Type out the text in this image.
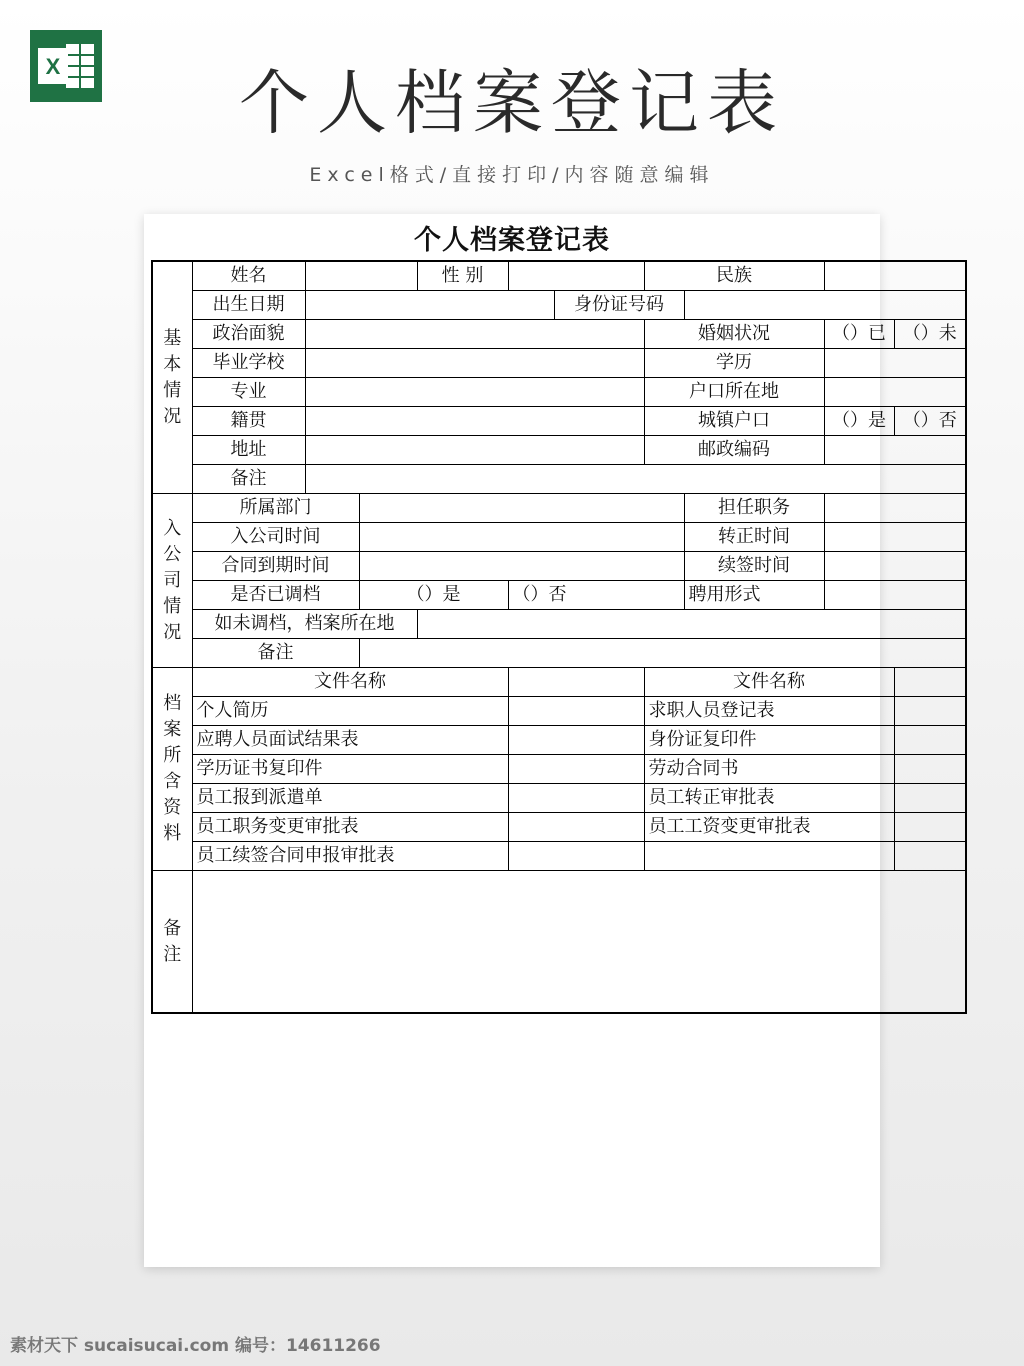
X	个人档案登记表
Excel格式/直接打印/内容随意编辑
个人档案登记表
基本情况	姓名			性 别			民族			
	出生日期					身份证号码				
	政治面貌						婚姻状况		（）已	（）未
	毕业学校						学历			
	专业						户口所在地			
	籍贯						城镇户口		（）是	（）否
	地址						邮政编码			
	备注									
入公司情况	所属部门							担任职务		
	入公司时间							转正时间		
	合同到期时间							续签时间		
	是否已调档		（）是		（）否			聘用形式		
	如未调档，档案所在地									
	备注									
档案所含资料	文件名称						文件名称			
	个人简历						求职人员登记表			
	应聘人员面试结果表						身份证复印件			
	学历证书复印件						劳动合同书			
	员工报到派遣单						员工转正审批表			
	员工职务变更审批表						员工工资变更审批表			
	员工续签合同申报审批表									
备注										
素材天下 sucaisucai.com 编号：14611266
